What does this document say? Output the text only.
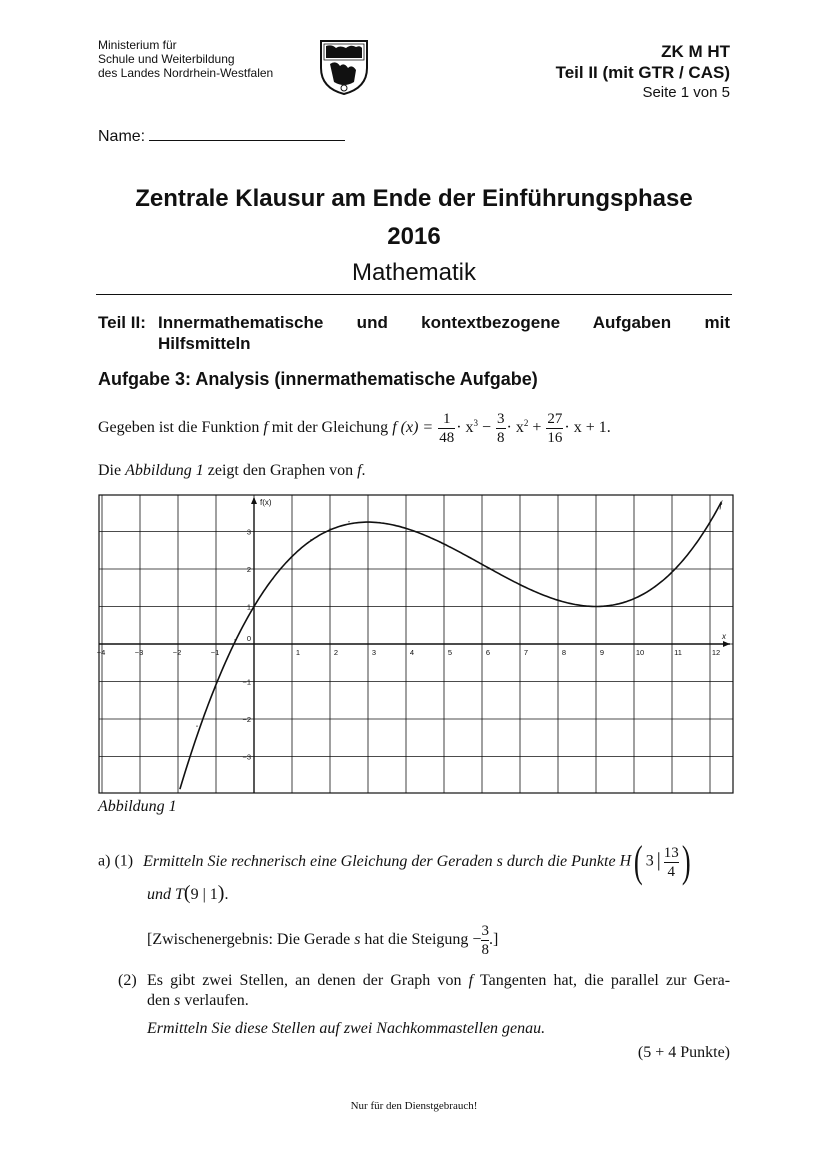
Ministerium für
Schule und Weiterbildung
des Landes Nordrhein-Westfalen
ZK M HT
Teil II (mit GTR / CAS)
Seite 1 von 5
Name:
Zentrale Klausur am Ende der Einführungsphase
2016
Mathematik
Teil II: Innermathematische und kontextbezogene Aufgaben mit
Hilfsmitteln
Aufgabe 3: Analysis (innermathematische Aufgabe)
Gegeben ist die Funktion f mit der Gleichung f $(x) = \frac{1}{48} \cdot x^3 - \frac{3}{8} \cdot x^2 + \frac{27}{16} \cdot x + 1$.
Die Abbildung 1 zeigt den Graphen von f.
−4	−3	−2	−1	1	2	3	4	5	6	7	8	9	10	11	12
−3
−2
−1
1
2
3
0
f(x)
x
f
Abbildung 1
a) (1) Ermitteln Sie rechnerisch eine Gleichung der Geraden s durch die Punkte H( 3 | $\frac{13}{4}$)
und T(9 | 1).
[Zwischenergebnis: Die Gerade s hat die Steigung − $\frac{3}{8}$.]
(2) Es gibt zwei Stellen, an denen der Graph von f Tangenten hat, die parallel zur Gera-
den s verlaufen.
Ermitteln Sie diese Stellen auf zwei Nachkommastellen genau.
(5 + 4 Punkte)
Nur für den Dienstgebrauch!
